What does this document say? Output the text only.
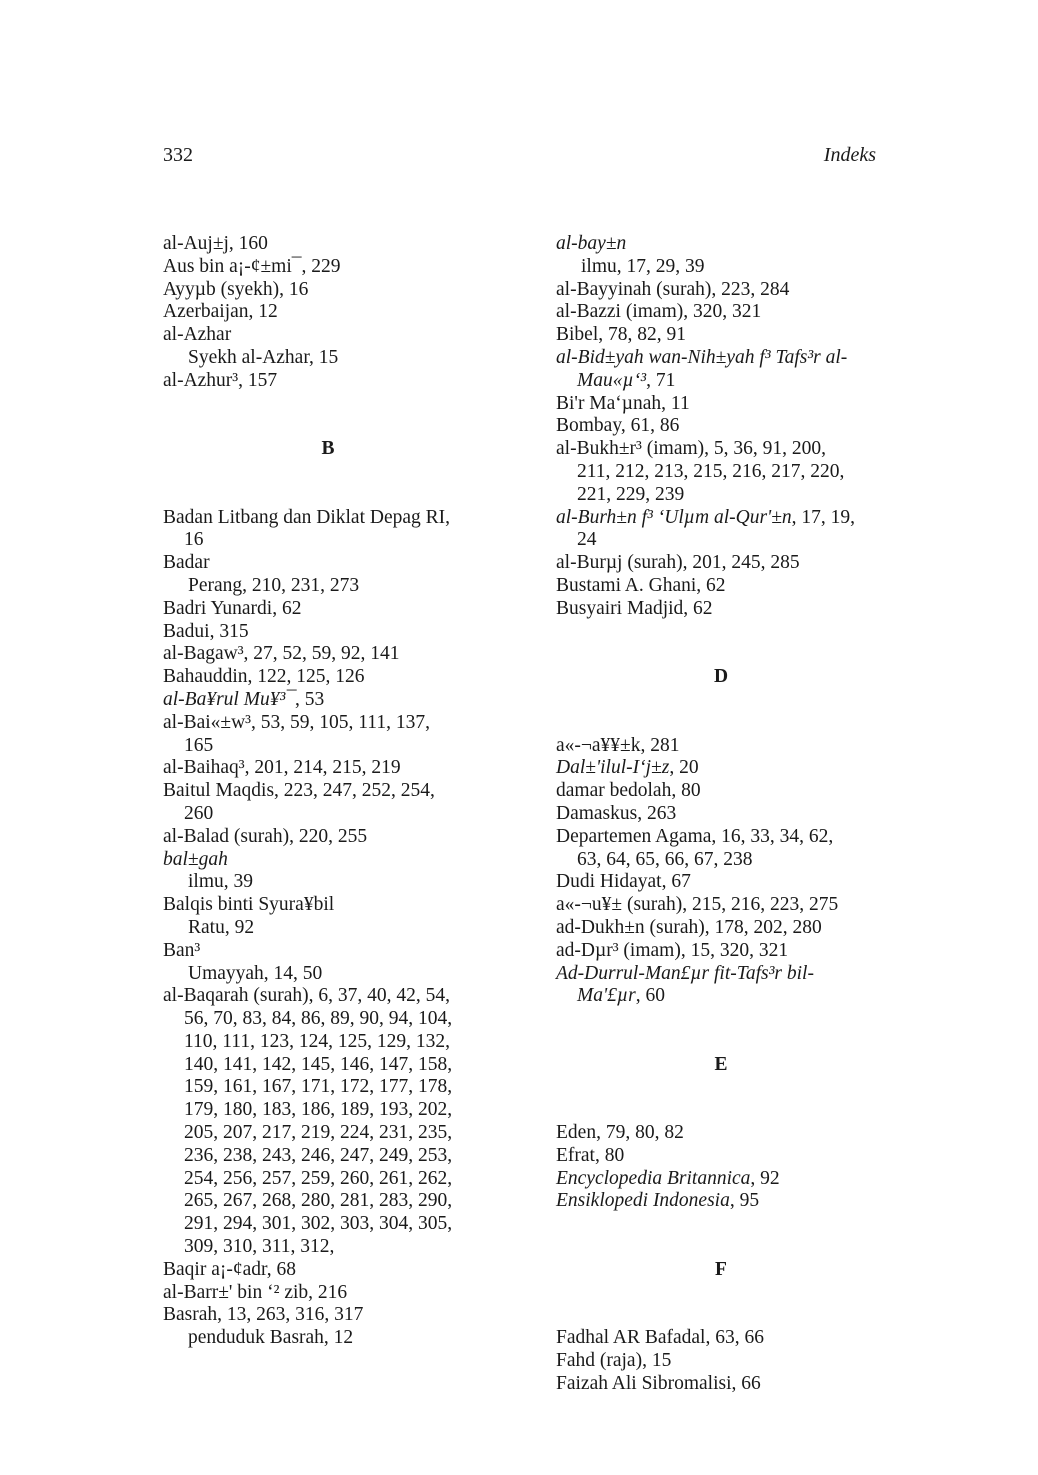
332	Indeks

al-Auj±j, 160

Aus bin a¡-¢±mi¯, 229

Ayyµb (syekh), 16

Azerbaijan, 12

al-Azhar

Syekh al-Azhar, 15

al-Azhur³, 157

B

Badan Litbang dan Diklat Depag RI,

16

Badar

Perang, 210, 231, 273

Badri Yunardi, 62

Badui, 315

al-Bagaw³, 27, 52, 59, 92, 141

Bahauddin, 122, 125, 126

al-Ba¥rul Mu¥³¯, 53

al-Bai«±w³, 53, 59, 105, 111, 137,

165

al-Baihaq³, 201, 214, 215, 219

Baitul Maqdis, 223, 247, 252, 254,

260

al-Balad (surah), 220, 255

bal±gah

ilmu, 39

Balqis binti Syura¥bil

Ratu, 92

Ban³

Umayyah, 14, 50

al-Baqarah (surah), 6, 37, 40, 42, 54,

56, 70, 83, 84, 86, 89, 90, 94, 104,

110, 111, 123, 124, 125, 129, 132,

140, 141, 142, 145, 146, 147, 158,

159, 161, 167, 171, 172, 177, 178,

179, 180, 183, 186, 189, 193, 202,

205, 207, 217, 219, 224, 231, 235,

236, 238, 243, 246, 247, 249, 253,

254, 256, 257, 259, 260, 261, 262,

265, 267, 268, 280, 281, 283, 290,

291, 294, 301, 302, 303, 304, 305,

309, 310, 311, 312,

Baqir a¡-¢adr, 68

al-Barr±' bin ‘² zib, 216

Basrah, 13, 263, 316, 317

penduduk Basrah, 12

al-bay±n

ilmu, 17, 29, 39

al-Bayyinah (surah), 223, 284

al-Bazzi (imam), 320, 321

Bibel, 78, 82, 91

al-Bid±yah wan-Nih±yah f³ Tafs³r al-

Mau«µ‘³, 71

Bi'r Ma‘µnah, 11

Bombay, 61, 86

al-Bukh±r³ (imam), 5, 36, 91, 200,

211, 212, 213, 215, 216, 217, 220,

221, 229, 239

al-Burh±n f³ ‘Ulµm al-Qur'±n, 17, 19,

24

al-Burµj (surah), 201, 245, 285

Bustami A. Ghani, 62

Busyairi Madjid, 62

D

a«-¬a¥¥±k, 281

Dal±'ilul-I‘j±z, 20

damar bedolah, 80

Damaskus, 263

Departemen Agama, 16, 33, 34, 62,

63, 64, 65, 66, 67, 238

Dudi Hidayat, 67

a«-¬u¥± (surah), 215, 216, 223, 275

ad-Dukh±n (surah), 178, 202, 280

ad-Dµr³ (imam), 15, 320, 321

Ad-Durrul-Man£µr fit-Tafs³r bil-

Ma'£µr, 60

E

Eden, 79, 80, 82

Efrat, 80

Encyclopedia Britannica, 92

Ensiklopedi Indonesia, 95

F

Fadhal AR Bafadal, 63, 66

Fahd (raja), 15

Faizah Ali Sibromalisi, 66
